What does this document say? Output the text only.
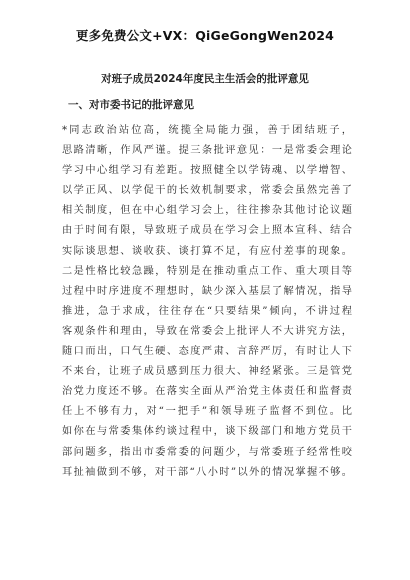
更多免费公文+VX：QiGeGongWen2024
对班子成员2024年度民主生活会的批评意见
一、对市委书记的批评意见
*同志政治站位高，统揽全局能力强，善于团结班子，
思路清晰，作风严谨。提三条批评意见：一是常委会理论
学习中心组学习有差距。按照健全以学铸魂、以学增智、
以学正风、以学促干的长效机制要求，常委会虽然完善了
相关制度，但在中心组学习会上，往往掺杂其他讨论议题
由于时间有限，导致班子成员在学习会上照本宣科、结合
实际谈思想、谈收获、谈打算不足，有应付差事的现象。
二是性格比较急躁，特别是在推动重点工作、重大项目等
过程中时序进度不理想时，缺少深入基层了解情况，指导
推进，急于求成，往往存在“只要结果”倾向，不讲过程
客观条件和理由，导致在常委会上批评人不大讲究方法，
随口而出，口气生硬、态度严肃、言辞严厉，有时让人下
不来台，让班子成员感到压力很大、神经紧张。三是管党
治党力度还不够。在落实全面从严治党主体责任和监督责
任上不够有力，对“一把手”和领导班子监督不到位。比
如你在与常委集体约谈过程中，谈下级部门和地方党员干
部问题多，指出市委常委的问题少，与常委班子经常性咬
耳扯袖做到不够，对干部“八小时”以外的情况掌握不够。
